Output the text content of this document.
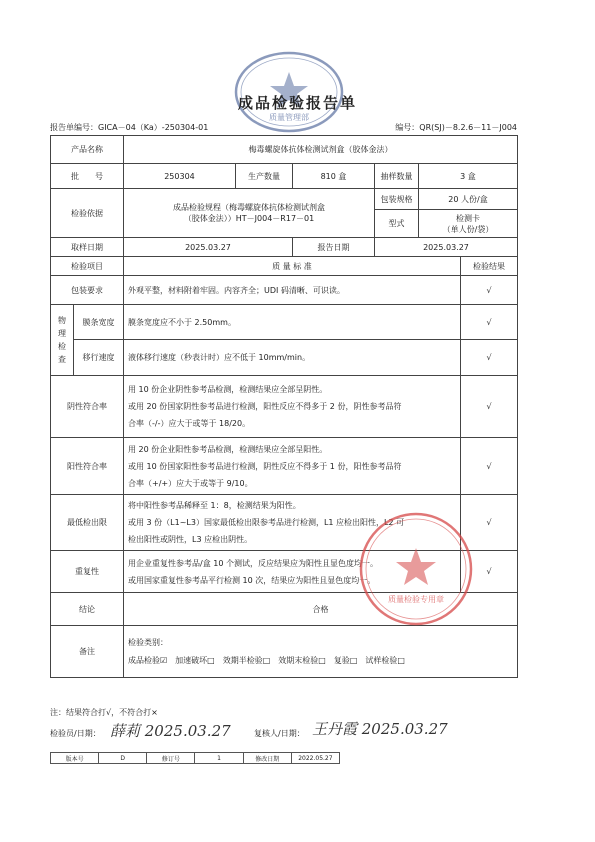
质量管理部
成品检验报告单
报告单编号：GICA－04（Ka）-250304-01	编号：QR(SJ)－8.2.6－11－J004
产品名称		梅毒螺旋体抗体检测试剂盒（胶体金法）					
批　　号		250304	生产数量	810 盒	抽样数量	3 盒	
检验依据		成品检验规程（梅毒螺旋体抗体检测试剂盒
（胶体金法））HT－J004－R17－01			包装规格	20 人份/盒	
					型式	检测卡
（单人份/袋）	

取样日期		2025.03.27		报告日期	2025.03.27		
检验项目		质 量 标 准					检验结果
包装要求		外观平整，材料附着牢固。内容齐全；UDI 码清晰、可识读。					√
物
理
检
查	膜条宽度	膜条宽度应不小于 2.50mm。					√
	移行速度	液体移行速度（秒表计时）应不低于 10mm/min。					√
阴性符合率		用 10 份企业阴性参考品检测，检测结果应全部呈阴性。
或用 20 份国家阴性参考品进行检测，阳性反应不得多于 2 份，阴性参考品符
合率（-/-）应大于或等于 18/20。					√
阳性符合率		用 20 份企业阳性参考品检测，检测结果应全部呈阳性。
或用 10 份国家阳性参考品进行检测，阴性反应不得多于 1 份，阳性参考品符
合率（+/+）应大于或等于 9/10。					√
最低检出限		将中阳性参考品稀释至 1：8，检测结果为阳性。
或用 3 份（L1~L3）国家最低检出限参考品进行检测，L1 应检出阳性，L2 可
检出阳性或阴性，L3 应检出阴性。					√
重复性		用企业重复性参考品/盒 10 个测试，反应结果应为阳性且显色度均一。
或用国家重复性参考品平行检测 10 次，结果应为阳性且显色度均一。					√
结论		合格					
备注		检验类别：
成品检验☑　加速破坏□　效期半检验□　效期末检验□　复验□　试样检验□					
质量检验专用章
注：结果符合打√，不符合打×
检验员/日期： 薛莉 2025.03.27	复核人/日期： 王丹霞 2025.03.27
版本号	D	修订号	1	修改日期	2022.05.27
